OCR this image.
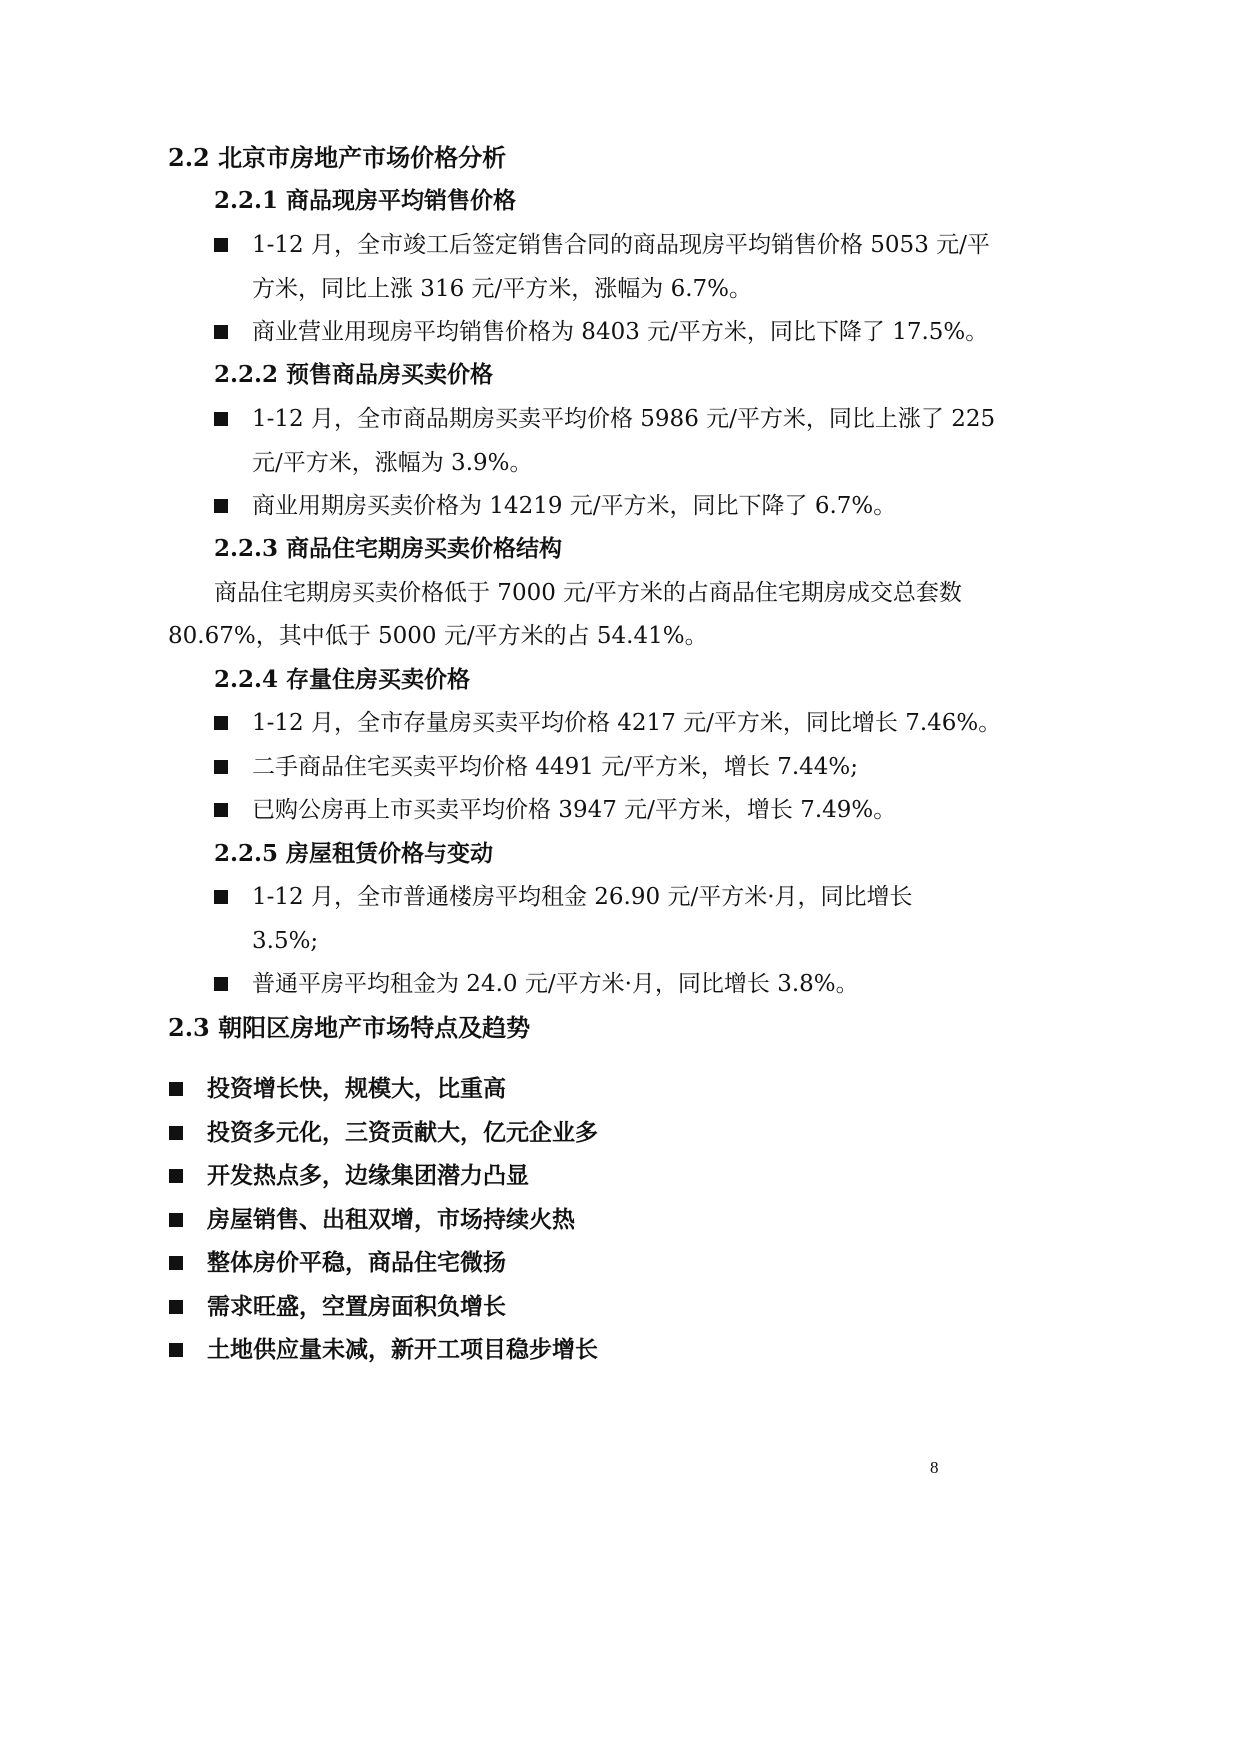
2.2 北京市房地产市场价格分析
2.2.1 商品现房平均销售价格
1-12 月，全市竣工后签定销售合同的商品现房平均销售价格 5053 元/平
方米，同比上涨 316 元/平方米，涨幅为 6.7%。
商业营业用现房平均销售价格为 8403 元/平方米，同比下降了 17.5%。
2.2.2 预售商品房买卖价格
1-12 月，全市商品期房买卖平均价格 5986 元/平方米，同比上涨了 225
元/平方米，涨幅为 3.9%。
商业用期房买卖价格为 14219 元/平方米，同比下降了 6.7%。
2.2.3 商品住宅期房买卖价格结构
商品住宅期房买卖价格低于 7000 元/平方米的占商品住宅期房成交总套数
80.67%，其中低于 5000 元/平方米的占 54.41%。
2.2.4 存量住房买卖价格
1-12 月，全市存量房买卖平均价格 4217 元/平方米，同比增长 7.46%。
二手商品住宅买卖平均价格 4491 元/平方米，增长 7.44%;
已购公房再上市买卖平均价格 3947 元/平方米，增长 7.49%。
2.2.5 房屋租赁价格与变动
1-12 月，全市普通楼房平均租金 26.90 元/平方米·月，同比增长
3.5%;
普通平房平均租金为 24.0 元/平方米·月，同比增长 3.8%。
2.3 朝阳区房地产市场特点及趋势
投资增长快，规模大，比重高
投资多元化，三资贡献大，亿元企业多
开发热点多，边缘集团潜力凸显
房屋销售、出租双增，市场持续火热
整体房价平稳，商品住宅微扬
需求旺盛，空置房面积负增长
土地供应量未减，新开工项目稳步增长
8
